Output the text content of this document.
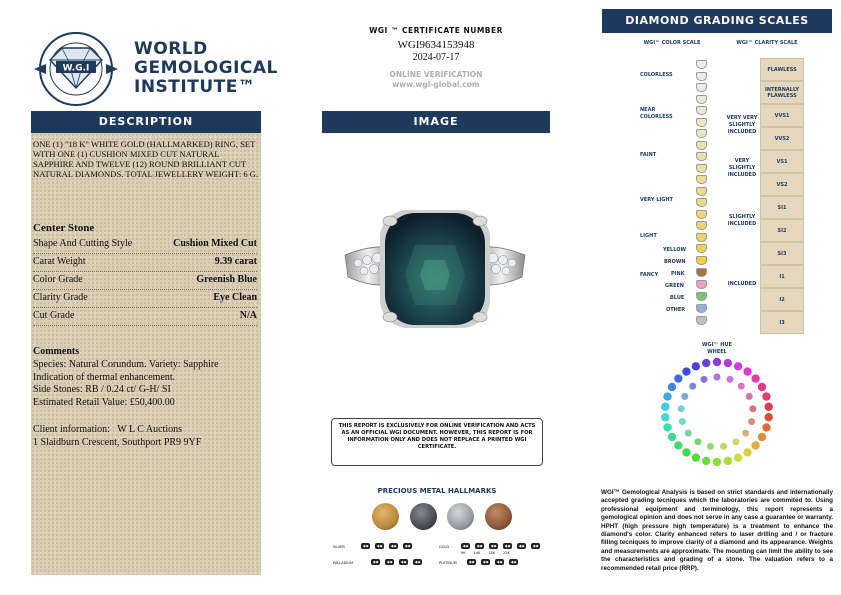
W.G.I
WORLD
GEMOLOGICAL
INSTITUTE™
DESCRIPTION
ONE (1) "18 K" WHITE GOLD (HALLMARKED) RING, SET WITH ONE (1) CUSHION MIXED CUT NATURAL SAPPHIRE AND TWELVE (12) ROUND BRILLIANT CUT NATURAL DIAMONDS. TOTAL JEWELLERY WEIGHT: 6 G.
Center Stone
Shape And Cutting Style	Cushion Mixed Cut
Carat Weight	9.39 carat
Color Grade	Greenish Blue
Clarity Grade	Eye Clean
Cut Grade	N/A
Comments
Species: Natural Corundum. Variety: Sapphire
Indication of thermal enhancement.
Side Stones: RB / 0.24 ct/ G-H/ SI
Estimated Retail Value: £50,400.00
Client information: W L C Auctions
1 Slaidburn Crescent, Southport PR9 9YF
WGI ™ CERTIFICATE NUMBER
WGI9634153948
2024-07-17
ONLINE VERIFICATION
www.wgi-global.com
IMAGE
THIS REPORT IS EXCLUSIVELY FOR ONLINE VERIFICATION AND ACTS AS AN OFFICIAL WGI DOCUMENT. HOWEVER, THIS REPORT IS FOR INFORMATION ONLY AND DOES NOT REPLACE A PRINTED WGI CERTIFICATE.
PRECIOUS METAL HALLMARKS
SILVER	◆◆	◆◆	◆◆	◆◆	GOLD	◆◆	◆◆	◆◆	◆◆	◆◆	◆◆
9K 14K 18K 22K
PALLADIUM	◆◆	◆◆	◆◆	◆◆	PLATINUM	◆◆	◆◆	◆◆	◆◆
DIAMOND GRADING SCALES
WGI™ COLOR SCALE	WGI™ CLARITY SCALE
COLORLESS
NEAR COLORLESS
FAINT
VERY LIGHT
LIGHT
FANCY
YELLOW
BROWN
PINK
GREEN
BLUE
OTHER
VERY VERY SLIGHTLY INCLUDED
VERY SLIGHTLY INCLUDED
SLIGHTLY INCLUDED
INCLUDED
FLAWLESS
INTERNALLY FLAWLESS
VVS1
VVS2
VS1
VS2
SI1
SI2
SI3
I1
I2
I3
WGI™ HUE WHEEL
WGI™ Gemological Analysis is based on strict standards and internationally accepted grading tecniques which the laboratories are commited to. Using professional equipment and terminology, this report represents a gemological opinion and does not serve in any case a guarantee or warranty. HPHT (high pressure high temperature) is a treatment to enhance the diamond's color. Clarity enhanced refers to laser drilling and / or fracture filling tecniques to improve clarity of a diamond and its appearance. Weights and measurements are approximate. The mounting can limit the ability to see the characteristics and grading of a stone. The valuation refers to a recommended retail price (RRP).
